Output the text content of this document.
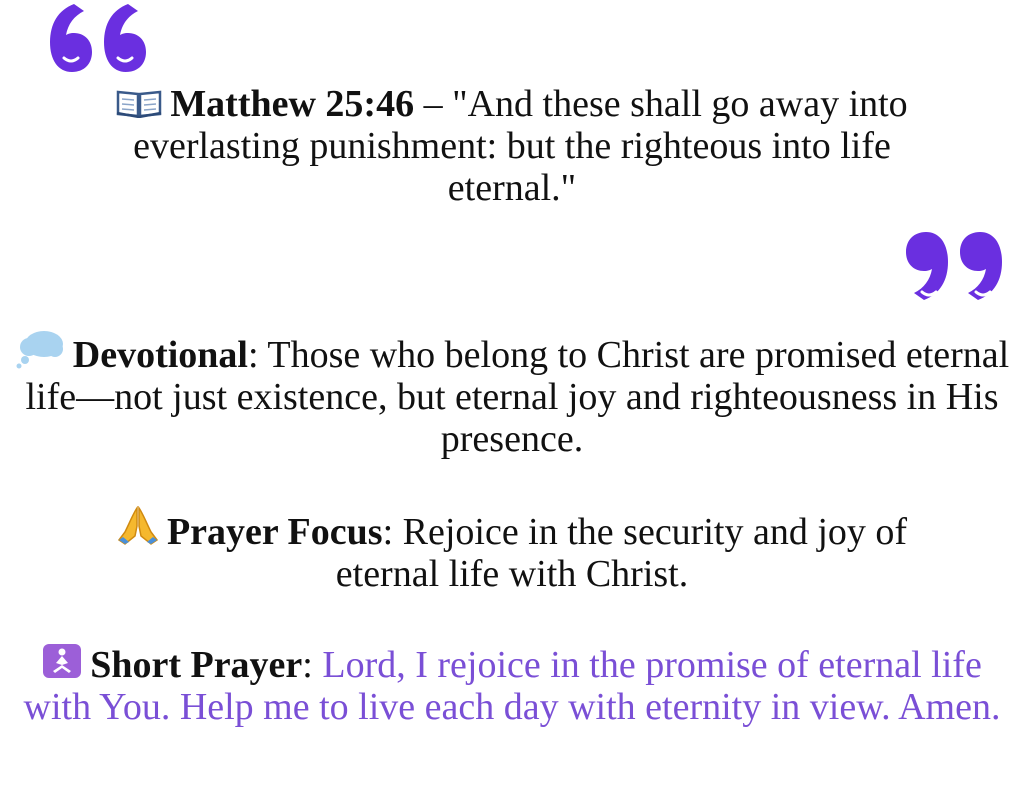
Matthew 25:46 – "And these shall go away into everlasting punishment: but the righteous into life eternal."
Devotional: Those who belong to Christ are promised eternal life—not just existence, but eternal joy and righteousness in His presence.
Prayer Focus: Rejoice in the security and joy of eternal life with Christ.
Short Prayer: Lord, I rejoice in the promise of eternal life with You. Help me to live each day with eternity in view. Amen.
